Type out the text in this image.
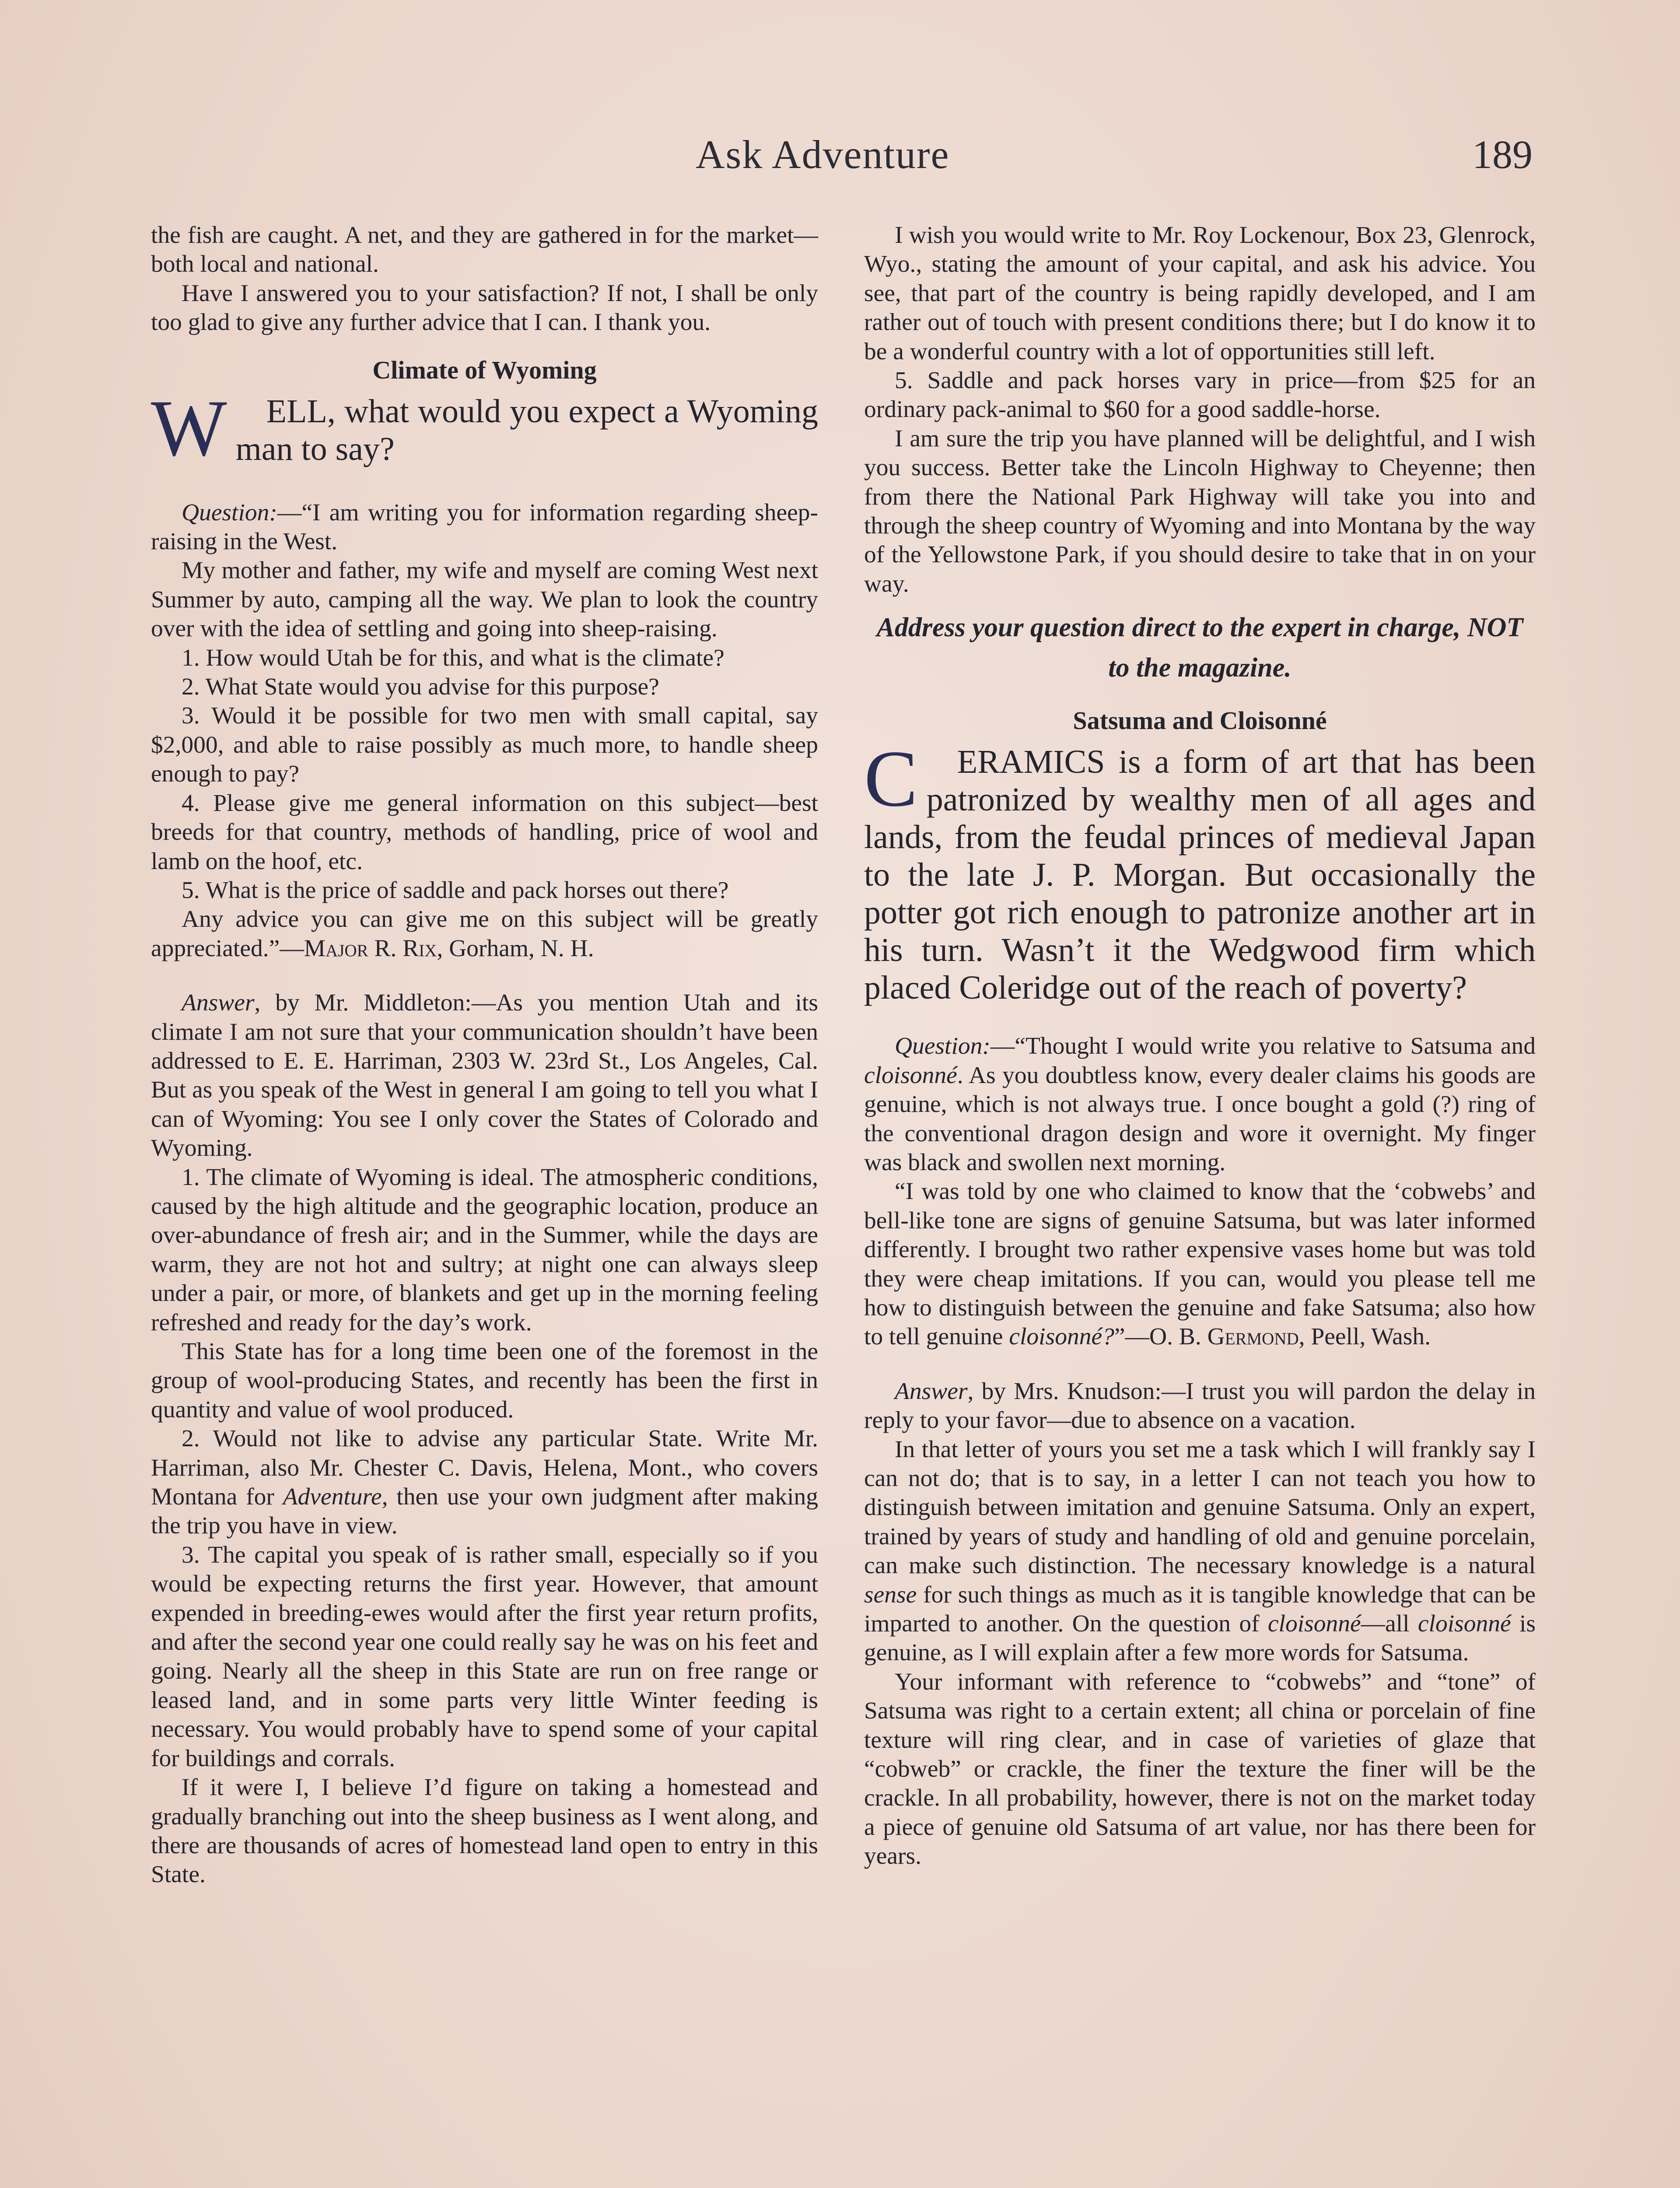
Ask Adventure	189

the fish are caught. A net, and they are gathered in for the market—both local and national.

Have I answered you to your satisfaction? If not, I shall be only too glad to give any further advice that I can. I thank you.

Climate of Wyoming
W	ELL, what would you expect a Wyoming man to say?

Question:—“I am writing you for information regarding sheep-raising in the West.

My mother and father, my wife and myself are coming West next Summer by auto, camping all the way. We plan to look the country over with the idea of settling and going into sheep-raising.

1. How would Utah be for this, and what is the climate?

2. What State would you advise for this purpose?

3. Would it be possible for two men with small capital, say $2,000, and able to raise possibly as much more, to handle sheep enough to pay?

4. Please give me general information on this subject—best breeds for that country, methods of handling, price of wool and lamb on the hoof, etc.

5. What is the price of saddle and pack horses out there?

Any advice you can give me on this subject will be greatly appreciated.”—Major R. Rix, Gorham, N. H.

Answer, by Mr. Middleton:—As you mention Utah and its climate I am not sure that your communication shouldn’t have been addressed to E. E. Harriman, 2303 W. 23rd St., Los Angeles, Cal. But as you speak of the West in general I am going to tell you what I can of Wyoming: You see I only cover the States of Colorado and Wyoming.

1. The climate of Wyoming is ideal. The atmospheric conditions, caused by the high altitude and the geographic location, produce an over-abundance of fresh air; and in the Summer, while the days are warm, they are not hot and sultry; at night one can always sleep under a pair, or more, of blankets and get up in the morning feeling refreshed and ready for the day’s work.

This State has for a long time been one of the foremost in the group of wool-producing States, and recently has been the first in quantity and value of wool produced.

2. Would not like to advise any particular State. Write Mr. Harriman, also Mr. Chester C. Davis, Helena, Mont., who covers Montana for Adventure, then use your own judgment after making the trip you have in view.

3. The capital you speak of is rather small, especially so if you would be expecting returns the first year. However, that amount expended in breeding-ewes would after the first year return profits, and after the second year one could really say he was on his feet and going. Nearly all the sheep in this State are run on free range or leased land, and in some parts very little Winter feeding is necessary. You would probably have to spend some of your capital for buildings and corrals.

If it were I, I believe I’d figure on taking a homestead and gradually branching out into the sheep business as I went along, and there are thousands of acres of homestead land open to entry in this State.

I wish you would write to Mr. Roy Lockenour, Box 23, Glenrock, Wyo., stating the amount of your capital, and ask his advice. You see, that part of the country is being rapidly developed, and I am rather out of touch with present conditions there; but I do know it to be a wonderful country with a lot of opportunities still left.

5. Saddle and pack horses vary in price—from $25 for an ordinary pack-animal to $60 for a good saddle-horse.

I am sure the trip you have planned will be delightful, and I wish you success. Better take the Lincoln Highway to Cheyenne; then from there the National Park Highway will take you into and through the sheep country of Wyoming and into Montana by the way of the Yellowstone Park, if you should desire to take that in on your way.

Address your question direct to the expert in charge, NOT to the magazine.
Satsuma and Cloisonné
C	ERAMICS is a form of art that has been patronized by wealthy men of all ages and lands, from the feudal princes of medieval Japan to the late J. P. Morgan. But occasionally the potter got rich enough to patronize another art in his turn. Wasn’t it the Wedgwood firm which placed Coleridge out of the reach of poverty?

Question:—“Thought I would write you relative to Satsuma and cloisonné. As you doubtless know, every dealer claims his goods are genuine, which is not always true. I once bought a gold (?) ring of the conventional dragon design and wore it overnight. My finger was black and swollen next morning.

“I was told by one who claimed to know that the ‘cobwebs’ and bell-like tone are signs of genuine Satsuma, but was later informed differently. I brought two rather expensive vases home but was told they were cheap imitations. If you can, would you please tell me how to distinguish between the genuine and fake Satsuma; also how to tell genuine cloisonné?”—O. B. Germond, Peell, Wash.

Answer, by Mrs. Knudson:—I trust you will pardon the delay in reply to your favor—due to absence on a vacation.

In that letter of yours you set me a task which I will frankly say I can not do; that is to say, in a letter I can not teach you how to distinguish between imitation and genuine Satsuma. Only an expert, trained by years of study and handling of old and genuine porcelain, can make such distinction. The necessary knowledge is a natural sense for such things as much as it is tangible knowledge that can be imparted to another. On the question of cloisonné—all cloisonné is genuine, as I will explain after a few more words for Satsuma.

Your informant with reference to “cobwebs” and “tone” of Satsuma was right to a certain extent; all china or porcelain of fine texture will ring clear, and in case of varieties of glaze that “cobweb” or crackle, the finer the texture the finer will be the crackle. In all probability, however, there is not on the market today a piece of genuine old Satsuma of art value, nor has there been for years.
